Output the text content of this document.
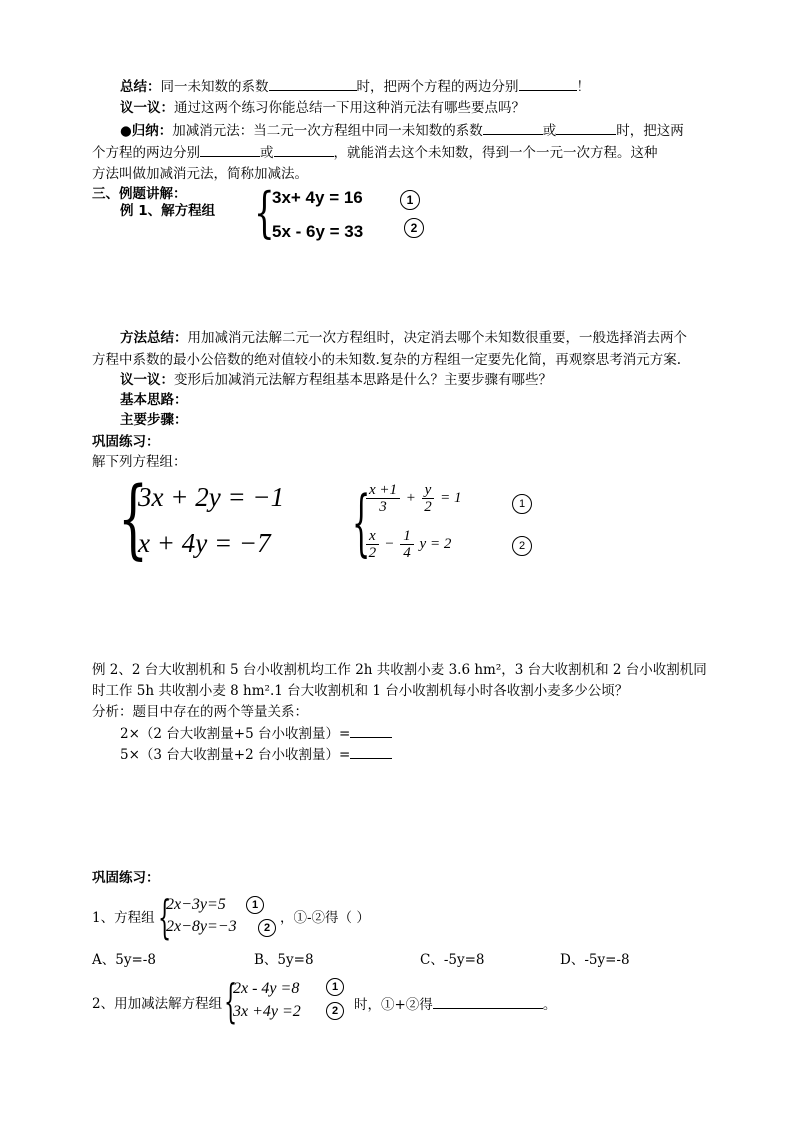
总结：同一未知数的系数	时，把两个方程的两边分别	！
议一议：通过这两个练习你能总结一下用这种消元法有哪些要点吗？
●归纳：加减消元法：当二元一次方程组中同一未知数的系数	或	时，把这两
个方程的两边分别	或	，就能消去这个未知数，得到一个一元一次方程。这种
方法叫做加减消元法，简称加减法。
三、例题讲解：
例 1、解方程组 {
3x+ 4y = 16
5x - 6y = 33
1
2
方法总结：用加减消元法解二元一次方程组时，决定消去哪个未知数很重要，一般选择消去两个
方程中系数的最小公倍数的绝对值较小的未知数.复杂的方程组一定要先化简，再观察思考消元方案.
议一议：变形后加减消元法解方程组基本思路是什么？主要步骤有哪些？
基本思路：
主要步骤：
巩固练习：
解下列方程组：
{
3x + 2y = −1
x + 4y = −7 {
$\frac{x +1}{3} + \frac{y}{2} = 1$	1
$\frac{x}{2} - \frac{1}{4}$ y = 2	2
例 2、2 台大收割机和 5 台小收割机均工作 2h 共收割小麦 3.6 hm²，3 台大收割机和 2 台小收割机同
时工作 5h 共收割小麦 8 hm².1 台大收割机和 1 台小收割机每小时各收割小麦多少公顷？
分析：题目中存在的两个等量关系：
2×（2 台大收割量+5 台小收割量）=
5×（3 台大收割量+2 台小收割量）=
巩固练习：
1、方程组 {
2x−3y=5
2x−8y=−3
1
2
，①-②得（ ）
A、5y=-8	B、5y=8	C、-5y=8	D、-5y=-8
2、用加减法解方程组 {
2x - 4y =8
3x +4y =2
1
2	时，①+②得	。
